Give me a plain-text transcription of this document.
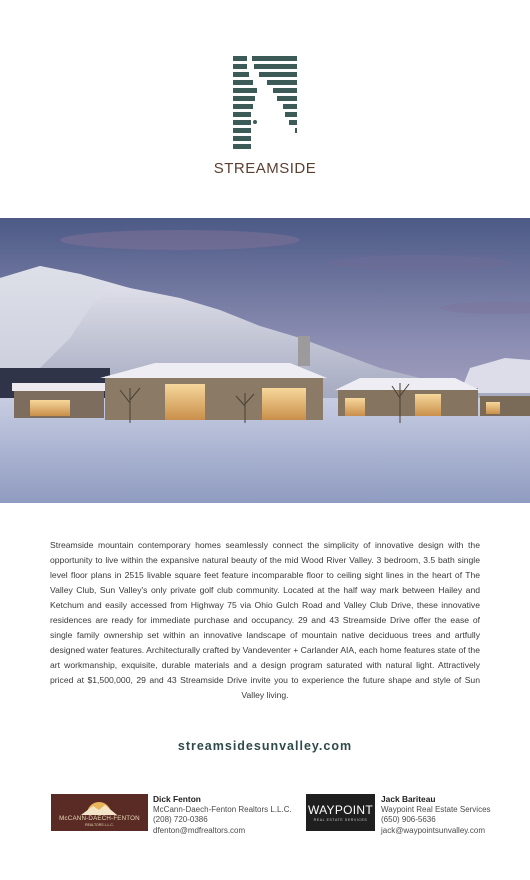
STREAMSIDE
Streamside mountain contemporary homes seamlessly connect the simplicity of innovative design with the opportunity to live within the expansive natural beauty of the mid Wood River Valley. 3 bedroom, 3.5 bath single level floor plans in 2515 livable square feet feature incomparable floor to ceiling sight lines in the heart of The Valley Club, Sun Valley's only private golf club community. Located at the half way mark between Hailey and Ketchum and easily accessed from Highway 75 via Ohio Gulch Road and Valley Club Drive, these innovative residences are ready for immediate purchase and occupancy. 29 and 43 Streamside Drive offer the ease of single family ownership set within an innovative landscape of mountain native deciduous trees and artfully designed water features. Architecturally crafted by Vandeventer + Carlander AIA, each home features state of the art workmanship, exquisite, durable materials and a design program saturated with natural light. Attractively priced at $1,500,000, 29 and 43 Streamside Drive invite you to experience the future shape and style of Sun Valley living.
streamsidesunvalley.com
McCANN-DAECH-FENTON
REALTORS L.L.C.
Dick Fenton
McCann-Daech-Fenton Realtors L.L.C.
(208) 720-0386
dfenton@mdfrealtors.com
WAYPOINT
REAL ESTATE SERVICES
Jack Bariteau
Waypoint Real Estate Services
(650) 906-5636
jack@waypointsunvalley.com
